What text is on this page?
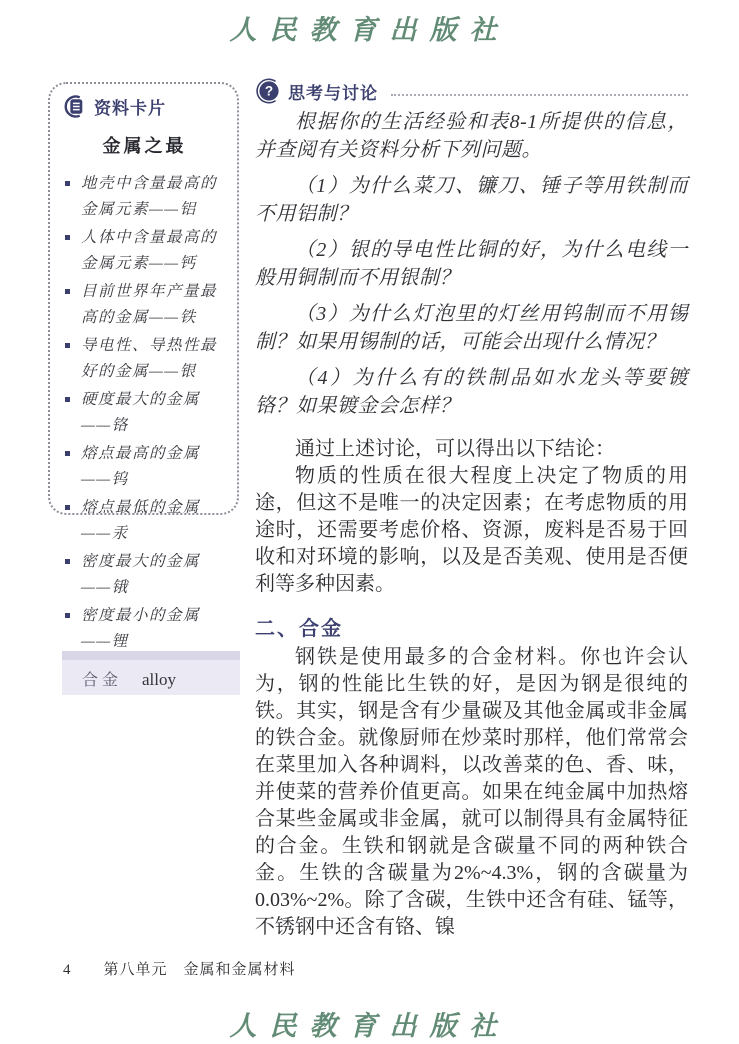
人民教育出版社
资料卡片
金属之最
地壳中含量最高的金属元素——铝
人体中含量最高的金属元素——钙
目前世界年产量最高的金属——铁
导电性、导热性最好的金属——银
硬度最大的金属——铬
熔点最高的金属——钨
熔点最低的金属——汞
密度最大的金属——锇
密度最小的金属——锂
合金 alloy
? 思考与讨论

根据你的生活经验和表8-1所提供的信息，并查阅有关资料分析下列问题。

（1）为什么菜刀、镰刀、锤子等用铁制而不用铝制？

（2）银的导电性比铜的好，为什么电线一般用铜制而不用银制？

（3）为什么灯泡里的灯丝用钨制而不用锡制？如果用锡制的话，可能会出现什么情况？

（4）为什么有的铁制品如水龙头等要镀铬？如果镀金会怎样？

通过上述讨论，可以得出以下结论：

物质的性质在很大程度上决定了物质的用途，但这不是唯一的决定因素；在考虑物质的用途时，还需要考虑价格、资源，废料是否易于回收和对环境的影响，以及是否美观、使用是否便利等多种因素。

二、合金

钢铁是使用最多的合金材料。你也许会认为，钢的性能比生铁的好，是因为钢是很纯的铁。其实，钢是含有少量碳及其他金属或非金属的铁合金。就像厨师在炒菜时那样，他们常常会在菜里加入各种调料，以改善菜的色、香、味，并使菜的营养价值更高。如果在纯金属中加热熔合某些金属或非金属，就可以制得具有金属特征的合金。生铁和钢就是含碳量不同的两种铁合金。生铁的含碳量为2%~4.3%，钢的含碳量为0.03%~2%。除了含碳，生铁中还含有硅、锰等，不锈钢中还含有铬、镍

4 第八单元　金属和金属材料
人民教育出版社
